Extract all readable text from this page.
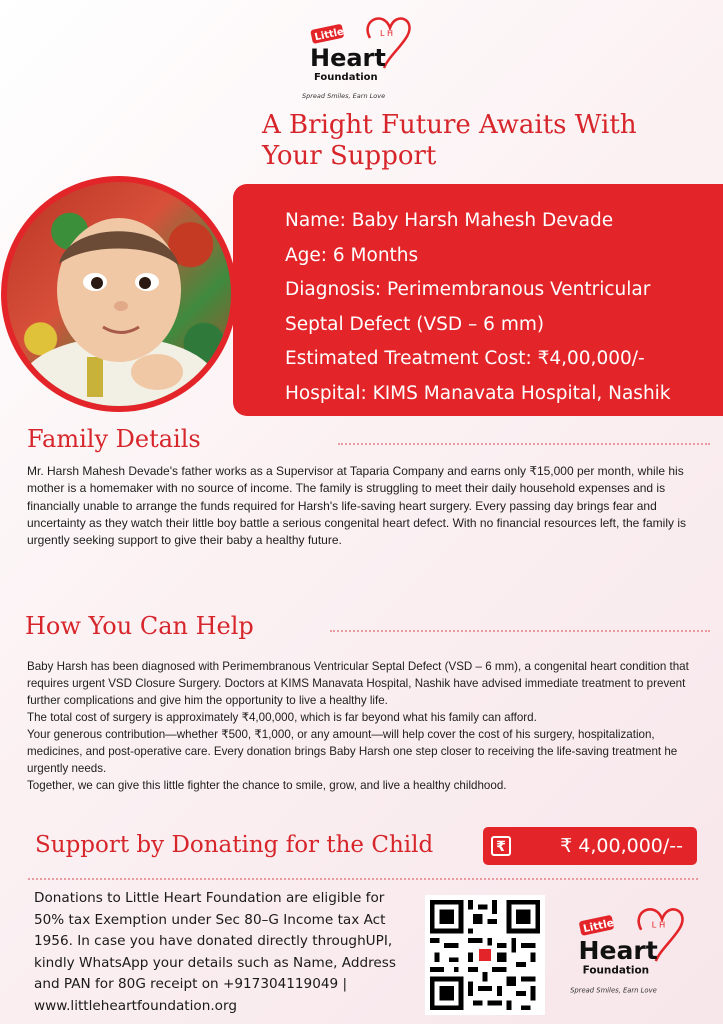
L H
Little
Heart
Foundation
Spread Smiles, Earn Love
A Bright Future Awaits With Your Support
Name: Baby Harsh Mahesh Devade
Age: 6 Months
Diagnosis: Perimembranous Ventricular Septal Defect (VSD – 6 mm)
Estimated Treatment Cost: ₹4,00,000/-
Hospital: KIMS Manavata Hospital, Nashik
Family Details

Mr. Harsh Mahesh Devade's father works as a Supervisor at Taparia Company and earns only ₹15,000 per month, while his mother is a homemaker with no source of income. The family is struggling to meet their daily household expenses and is financially unable to arrange the funds required for Harsh's life-saving heart surgery. Every passing day brings fear and uncertainty as they watch their little boy battle a serious congenital heart defect. With no financial resources left, the family is urgently seeking support to give their baby a healthy future.

How You Can Help

Baby Harsh has been diagnosed with Perimembranous Ventricular Septal Defect (VSD – 6 mm), a congenital heart condition that requires urgent VSD Closure Surgery. Doctors at KIMS Manavata Hospital, Nashik have advised immediate treatment to prevent further complications and give him the opportunity to live a healthy life.

The total cost of surgery is approximately ₹4,00,000, which is far beyond what his family can afford.

Your generous contribution—whether ₹500, ₹1,000, or any amount—will help cover the cost of his surgery, hospitalization, medicines, and post-operative care. Every donation brings Baby Harsh one step closer to receiving the life-saving treatment he urgently needs.

Together, we can give this little fighter the chance to smile, grow, and live a healthy childhood.

Support by Donating for the Child	₹	₹ 4,00,000/--

Donations to Little Heart Foundation are eligible for 50% tax Exemption under Sec 80–G Income tax Act 1956. In case you have donated directly throughUPI, kindly WhatsApp your details such as Name, Address and PAN for 80G receipt on +917304119049 | www.littleheartfoundation.org

L H
Little
Heart
Foundation
Spread Smiles, Earn Love
